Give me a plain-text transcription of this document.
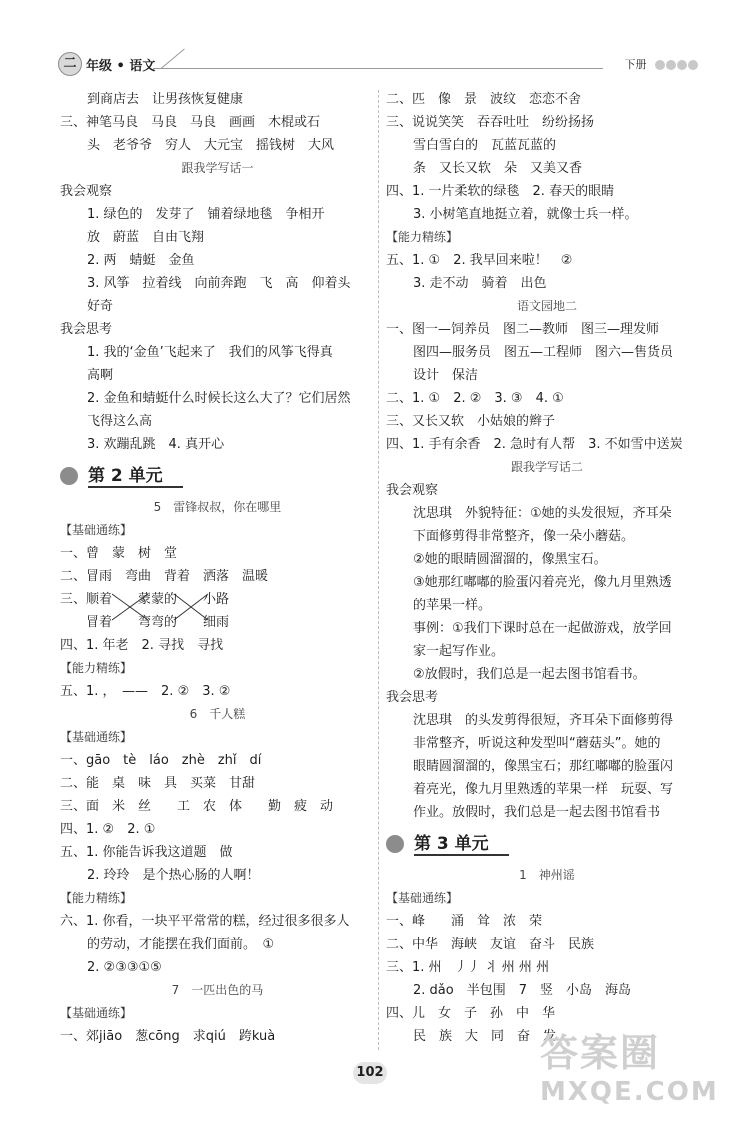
二 年级 • 语文	下册
到商店去　让男孩恢复健康
三、神笔马良　马良　马良　画画　木棍或石
头　老爷爷　穷人　大元宝　摇钱树　大风
跟我学写话一
我会观察
1. 绿色的　发芽了　铺着绿地毯　争相开
放　蔚蓝　自由飞翔
2. 两　蜻蜓　金鱼
3. 风筝　拉着线　向前奔跑　飞　高　仰着头
好奇
我会思考
1. 我的‘金鱼’飞起来了　我们的风筝飞得真
高啊
2. 金鱼和蜻蜓什么时候长这么大了？它们居然
飞得这么高
3. 欢蹦乱跳　4. 真开心
第 2 单元
5　雷锋叔叔，你在哪里
【基础通练】
一、曾　蒙　树　堂
二、冒雨　弯曲　背着　洒落　温暖
三、顺着　　蒙蒙的　　小路
　　冒着　　弯弯的　　细雨
四、1. 年老　2. 寻找　寻找
【能力精练】
五、1. ，　——　2. ②　3. ②
6　千人糕
【基础通练】
一、gāo　tè　láo　zhè　zhǐ　dí
二、能　桌　味　具　买菜　甘甜
三、面　米　丝　　工　农　体　　勤　疲　动
四、1. ②　2. ①
五、1. 你能告诉我这道题　做
2. 玲玲　是个热心肠的人啊！
【能力精练】
六、1. 你看，一块平平常常的糕，经过很多很多人
的劳动，才能摆在我们面前。　①
2. ②③③①⑤
7　一匹出色的马
【基础通练】
一、郊jiāo　葱cōng　求qiú　跨kuà
二、匹　像　景　波纹　恋恋不舍
三、说说笑笑　吞吞吐吐　纷纷扬扬
雪白雪白的　瓦蓝瓦蓝的
条　又长又软　朵　又美又香
四、1. 一片柔软的绿毯　2. 春天的眼睛
3. 小树笔直地挺立着，就像士兵一样。
【能力精练】
五、1. ①　2. 我早回来啦！　②
3. 走不动　骑着　出色
语文园地二
一、图一—饲养员　图二—教师　图三—理发师
图四—服务员　图五—工程师　图六—售货员
设计　保洁
二、1. ①　2. ②　3. ③　4. ①
三、又长又软　小姑娘的辫子
四、1. 手有余香　2. 急时有人帮　3. 不如雪中送炭
跟我学写话二
我会观察
沈思琪　外貌特征：①她的头发很短，齐耳朵
下面修剪得非常整齐，像一朵小蘑菇。
②她的眼睛圆溜溜的，像黑宝石。
③她那红嘟嘟的脸蛋闪着亮光，像九月里熟透
的苹果一样。
事例：①我们下课时总在一起做游戏，放学回
家一起写作业。
②放假时，我们总是一起去图书馆看书。
我会思考
沈思琪　的头发剪得很短，齐耳朵下面修剪得
非常整齐，听说这种发型叫“蘑菇头”。她的
眼睛圆溜溜的，像黑宝石；那红嘟嘟的脸蛋闪
着亮光，像九月里熟透的苹果一样　玩耍、写
作业。放假时，我们总是一起去图书馆看书
第 3 单元
1　神州谣
【基础通练】
一、峰　　涌　耸　浓　荣
二、中华　海峡　友谊　奋斗　民族
三、1. 州　丿丿 丬 州 州 州
2. dǎo　半包围　7　竖　小岛　海岛
四、儿　女　子　孙　中　华
民　族　大　同　奋　发
102	答案圈
MXQE.COM
